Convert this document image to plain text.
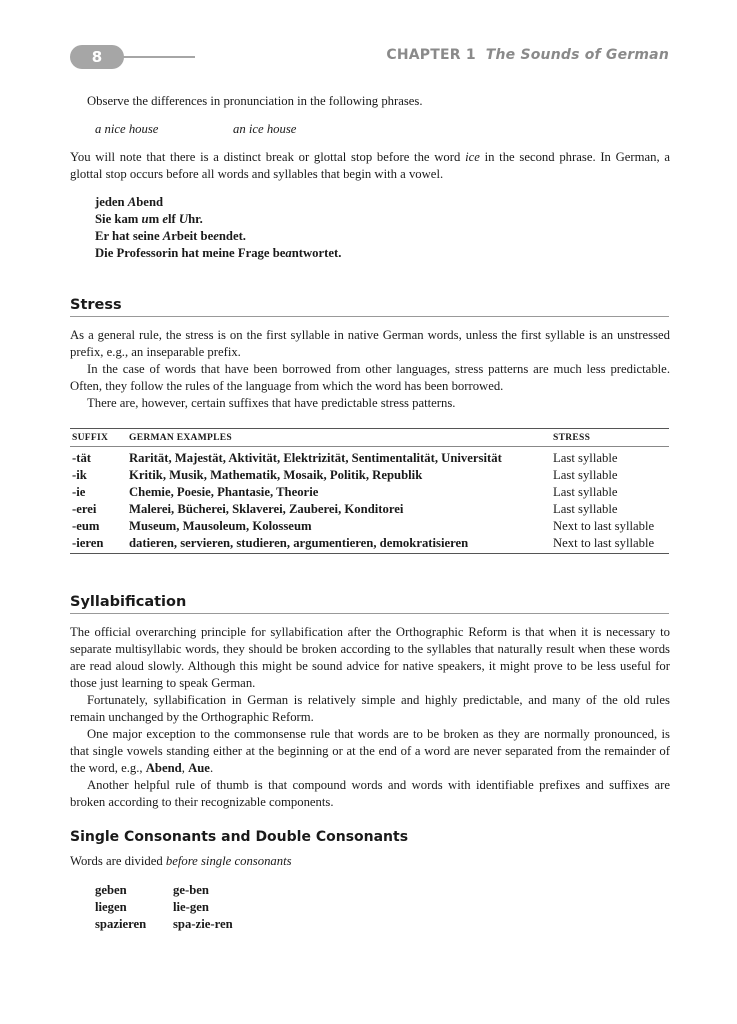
8	CHAPTER 1 The Sounds of German

Observe the differences in pronunciation in the following phrases.

a nice house	an ice house

You will note that there is a distinct break or glottal stop before the word ice in the second phrase. In German, a glottal stop occurs before all words and syllables that begin with a vowel.

jeden Abend
Sie kam um elf Uhr.
Er hat seine Arbeit beendet.
Die Professorin hat meine Frage beantwortet.
Stress

As a general rule, the stress is on the first syllable in native German words, unless the first syllable is an unstressed prefix, e.g., an inseparable prefix.

In the case of words that have been borrowed from other languages, stress patterns are much less predictable. Often, they follow the rules of the language from which the word has been borrowed.

There are, however, certain suffixes that have predictable stress patterns.

SUFFIX GERMAN EXAMPLES	STRESS
-tät	Rarität, Majestät, Aktivität, Elektrizität, Sentimentalität, Universität	Last syllable
-ik	Kritik, Musik, Mathematik, Mosaik, Politik, Republik	Last syllable
-ie	Chemie, Poesie, Phantasie, Theorie	Last syllable
-erei	Malerei, Bücherei, Sklaverei, Zauberei, Konditorei	Last syllable
-eum Museum, Mausoleum, Kolosseum	Next to last syllable
-ieren datieren, servieren, studieren, argumentieren, demokratisieren	Next to last syllable
Syllabification

The official overarching principle for syllabification after the Orthographic Reform is that when it is necessary to separate multisyllabic words, they should be broken according to the syllables that naturally result when these words are read aloud slowly. Although this might be sound advice for native speakers, it might prove to be less useful for those just learning to speak German.

Fortunately, syllabification in German is relatively simple and highly predictable, and many of the old rules remain unchanged by the Orthographic Reform.

One major exception to the commonsense rule that words are to be broken as they are normally pronounced, is that single vowels standing either at the beginning or at the end of a word are never separated from the remainder of the word, e.g., Abend, Aue.

Another helpful rule of thumb is that compound words and words with identifiable prefixes and suffixes are broken according to their recognizable components.

Single Consonants and Double Consonants

Words are divided before single consonants

geben	ge-ben
liegen	lie-gen
spazieren spa-zie-ren
